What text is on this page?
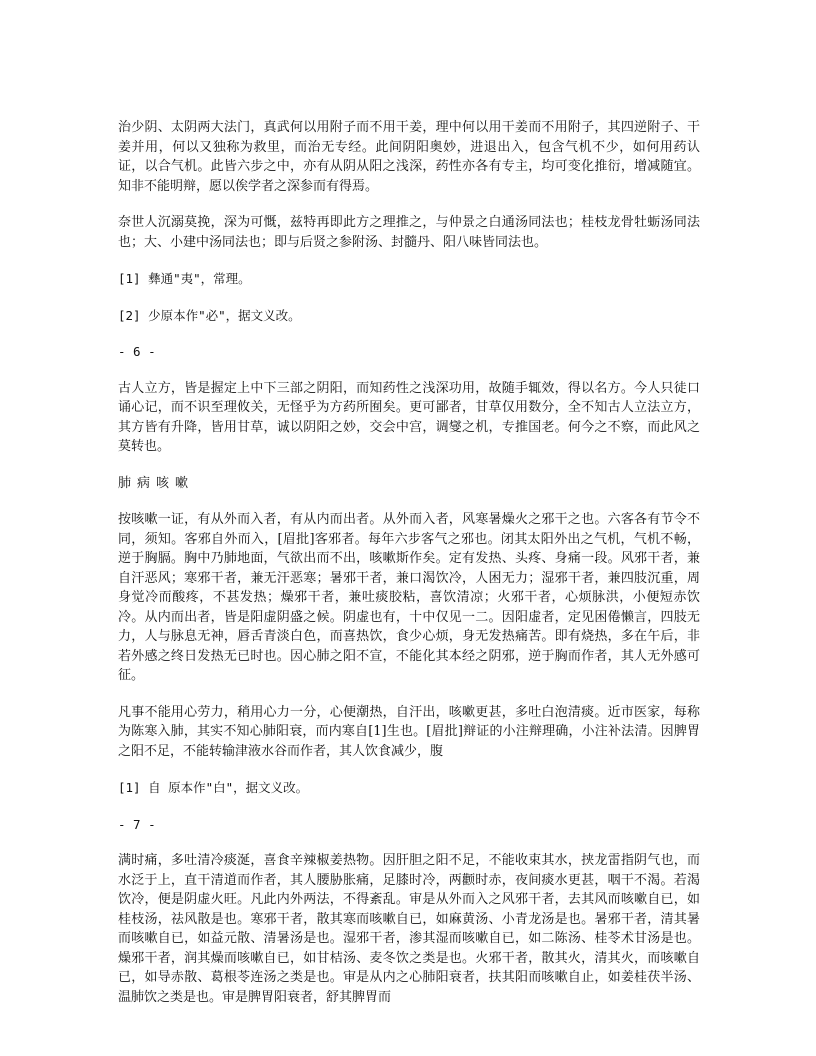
治少阴、太阴两大法门，真武何以用附子而不用干姜，理中何以用干姜而不用附子，其四逆附子、干姜并用，何以又独称为救里，而治无专经。此间阴阳奥妙，进退出入，包含气机不少，如何用药认证，以合气机。此皆六步之中，亦有从阴从阳之浅深，药性亦各有专主，均可变化推衍，增减随宜。知非不能明辩，愿以俟学者之深参而有得焉。

奈世人沉溺莫挽，深为可慨，兹特再即此方之理推之，与仲景之白通汤同法也；桂枝龙骨牡蛎汤同法也；大、小建中汤同法也；即与后贤之参附汤、封髓丹、阳八味皆同法也。

[1] 彝通"夷"，常理。

[2] 少原本作"必"，据文义改。

- 6 -

古人立方，皆是握定上中下三部之阴阳，而知药性之浅深功用，故随手辄效，得以名方。今人只徒口诵心记，而不识至理攸关，无怪乎为方药所囿矣。更可鄙者，甘草仅用数分，全不知古人立法立方，其方皆有升降，皆用甘草，诚以阴阳之妙，交会中宫，调燮之机，专推国老。何今之不察，而此风之莫转也。

肺病咳嗽

按咳嗽一证，有从外而入者，有从内而出者。从外而入者，风寒暑燥火之邪干之也。六客各有节令不同，须知。客邪自外而入，[眉批]客邪者。每年六步客气之邪也。闭其太阳外出之气机，气机不畅，逆于胸膈。胸中乃肺地面，气欲出而不出，咳嗽斯作矣。定有发热、头疼、身痛一段。风邪干者，兼自汗恶风；寒邪干者，兼无汗恶寒；暑邪干者，兼口渴饮冷，人困无力；湿邪干者，兼四肢沉重，周身觉冷而酸疼，不甚发热；燥邪干者，兼吐痰胶粘，喜饮清凉；火邪干者，心烦脉洪，小便短赤饮冷。从内而出者，皆是阳虚阴盛之候。阴虚也有，十中仅见一二。因阳虚者，定见困倦懒言，四肢无力，人与脉息无神，唇舌青淡白色，而喜热饮，食少心烦，身无发热痛苦。即有烧热，多在午后，非若外感之终日发热无已时也。因心肺之阳不宣，不能化其本经之阴邪，逆于胸而作者，其人无外感可征。

凡事不能用心劳力，稍用心力一分，心便潮热，自汗出，咳嗽更甚，多吐白泡清痰。近市医家，每称为陈寒入肺，其实不知心肺阳衰，而内寒自[1]生也。[眉批]辩证的小注辩理确，小注补法清。因脾胃之阳不足，不能转输津液水谷而作者，其人饮食减少，腹

[1] 自 原本作"白"，据文义改。

- 7 -

满时痛，多吐清冷痰涎，喜食辛辣椒姜热物。因肝胆之阳不足，不能收束其水，挟龙雷指阴气也，而水泛于上，直干清道而作者，其人腰胁胀痛，足膝时冷，两颧时赤，夜间痰水更甚，咽干不渴。若渴饮冷，便是阴虚火旺。凡此内外两法，不得紊乱。审是从外而入之风邪干者，去其风而咳嗽自已，如桂枝汤，祛风散是也。寒邪干者，散其寒而咳嗽自已，如麻黄汤、小青龙汤是也。暑邪干者，清其暑而咳嗽自已，如益元散、清暑汤是也。湿邪干者，渗其湿而咳嗽自已，如二陈汤、桂苓术甘汤是也。燥邪干者，润其燥而咳嗽自已，如甘桔汤、麦冬饮之类是也。火邪干者，散其火，清其火，而咳嗽自已，如导赤散、葛根苓连汤之类是也。审是从内之心肺阳衰者，扶其阳而咳嗽自止，如姜桂茯半汤、温肺饮之类是也。审是脾胃阳衰者，舒其脾胃而
